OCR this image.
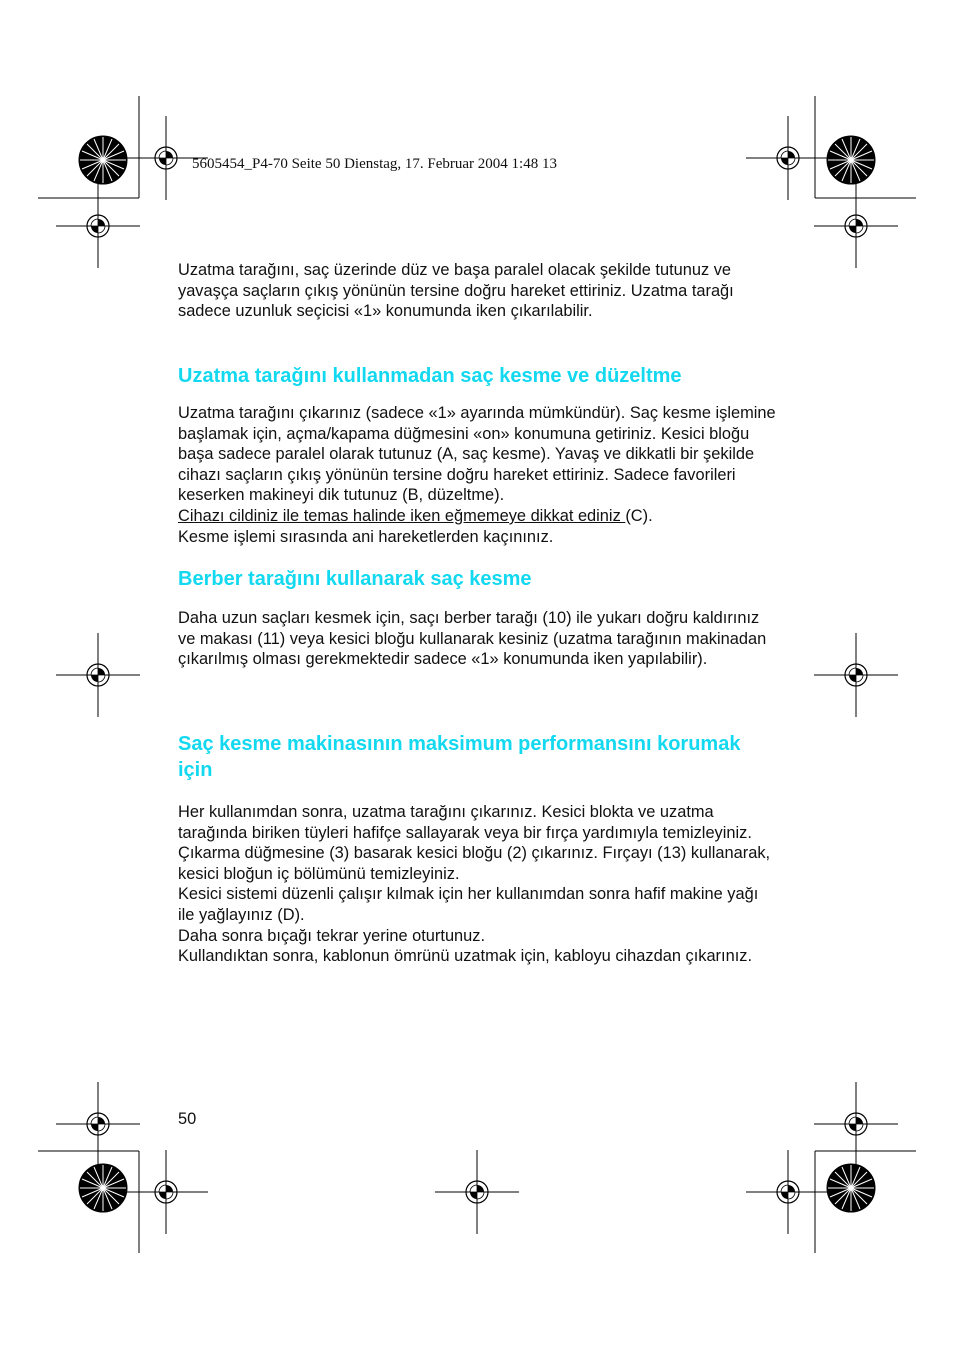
5605454_P4-70 Seite 50 Dienstag, 17. Februar 2004 1:48 13

Uzatma tarağını, saç üzerinde düz ve başa paralel olacak şekilde tutunuz ve yavaşça saçların çıkış yönünün tersine doğru hareket ettiriniz. Uzatma tarağı sadece uzunluk seçicisi «1» konumunda iken çıkarılabilir.

Uzatma tarağını kullanmadan saç kesme ve düzeltme

Uzatma tarağını çıkarınız (sadece «1» ayarında mümkündür). Saç kesme işlemine başlamak için, açma/kapama düğmesini «on» konumuna getiriniz. Kesici bloğu başa sadece paralel olarak tutunuz (A, saç kesme). Yavaş ve dikkatli bir şekilde cihazı saçların çıkış yönünün tersine doğru hareket ettiriniz. Sadece favorileri keserken makineyi dik tutunuz (B, düzeltme).

Cihazı cildiniz ile temas halinde iken eğmemeye dikkat ediniz (C).

Kesme işlemi sırasında ani hareketlerden kaçınınız.

Berber tarağını kullanarak saç kesme

Daha uzun saçları kesmek için, saçı berber tarağı (10) ile yukarı doğru kaldırınız ve makası (11) veya kesici bloğu kullanarak kesiniz (uzatma tarağının makinadan çıkarılmış olması gerekmektedir sadece «1» konumunda iken yapılabilir).

Saç kesme makinasının maksimum performansını korumak için

Her kullanımdan sonra, uzatma tarağını çıkarınız. Kesici blokta ve uzatma tarağında biriken tüyleri hafifçe sallayarak veya bir fırça yardımıyla temizleyiniz.

Çıkarma düğmesine (3) basarak kesici bloğu (2) çıkarınız. Fırçayı (13) kullanarak, kesici bloğun iç bölümünü temizleyiniz.

Kesici sistemi düzenli çalışır kılmak için her kullanımdan sonra hafif makine yağı ile yağlayınız (D).

Daha sonra bıçağı tekrar yerine oturtunuz.

Kullandıktan sonra, kablonun ömrünü uzatmak için, kabloyu cihazdan çıkarınız.

50
